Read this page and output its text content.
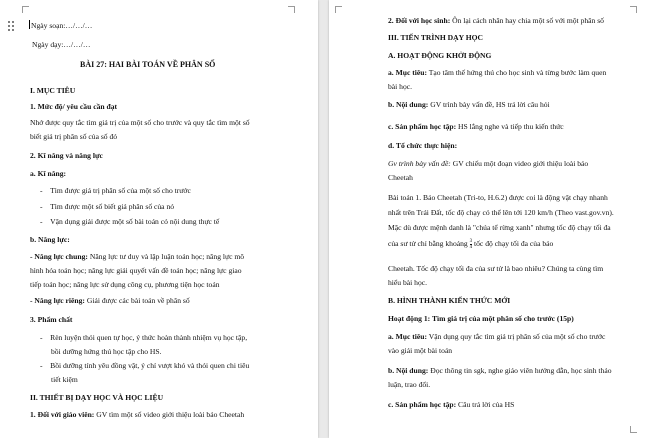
Ngày soạn:…/…/…
Ngày dạy:…/…/…
BÀI 27: HAI BÀI TOÁN VỀ PHÂN SỐ
I. MỤC TIÊU
1. Mức độ/ yêu cầu cần đạt
Nhớ được quy tắc tìm giá trị của một số cho trước và quy tắc tìm một số
biết giá trị phân số của số đó
2. Kĩ năng và năng lực
a. Kĩ năng:
-    Tìm được giá trị phân số của một số cho trước
-    Tìm được một số biết giá phân số của nó
-    Vận dụng giải được một số bài toán có nội dung thực tế
b. Năng lực:
- Năng lực chung: Năng lực tư duy và lập luận toán học; năng lực mô
hình hóa toán học; năng lực giải quyết vấn đề toán học; năng lực giao
tiếp toán học; năng lực sử dụng công cụ, phương tiện học toán
- Năng lực riêng: Giải được các bài toán về phân số
3. Phẩm chất
-    Rèn luyện thói quen tự học, ý thức hoàn thành nhiệm vụ học tập,
bồi dưỡng hứng thú học tập cho HS.
-    Bồi dưỡng tính yêu đồng vật, ý chí vượt khó và thói quen chi tiêu
tiết kiệm
II. THIẾT BỊ DẠY HỌC VÀ HỌC LIỆU
1. Đối với giáo viên: GV tìm một số video giới thiệu loài báo Cheetah
2. Đối với học sinh: Ôn lại cách nhân hay chia một số với một phân số
III. TIẾN TRÌNH DẠY HỌC
A. HOẠT ĐỘNG KHỞI ĐỘNG
a. Mục tiêu: Tạo tâm thế hứng thú cho học sinh và từng bước làm quen
bài học.
b. Nội dung: GV trình bày vấn đề, HS trả lời câu hỏi
c. Sản phẩm học tập: HS lắng nghe và tiếp thu kiến thức
d. Tổ chức thực hiện:
Gv trình bày vấn đề: GV chiếu một đoạn video giới thiệu loài báo
Cheetah
Bài toán 1. Báo Cheetah (Tri-to, H.6.2) được coi là động vật chạy nhanh
nhất trên Trái Đất, tốc độ chạy có thể lên tới 120 km/h (Theo vast.gov.vn).
Mặc dù được mệnh danh là "chúa tể rừng xanh" nhưng tốc độ chạy tối đa
của sư tử chỉ bằng khoảng $\frac{3}{4}$ tốc độ chạy tối đa của báo
Cheetah. Tốc độ chạy tối đa của sư tử là bao nhiêu? Chúng ta cùng tìm
hiểu bài học.
B. HÌNH THÀNH KIẾN THỨC MỚI
Hoạt động 1: Tìm giá trị của một phân số cho trước (15p)
a. Mục tiêu: Vận dụng quy tắc tìm giá trị phân số của một số cho trước
vào giải một bài toán
b. Nội dung: Đọc thông tin sgk, nghe giáo viên hướng dẫn, học sinh thảo
luận, trao đổi.
c. Sản phẩm học tập: Câu trả lời của HS
